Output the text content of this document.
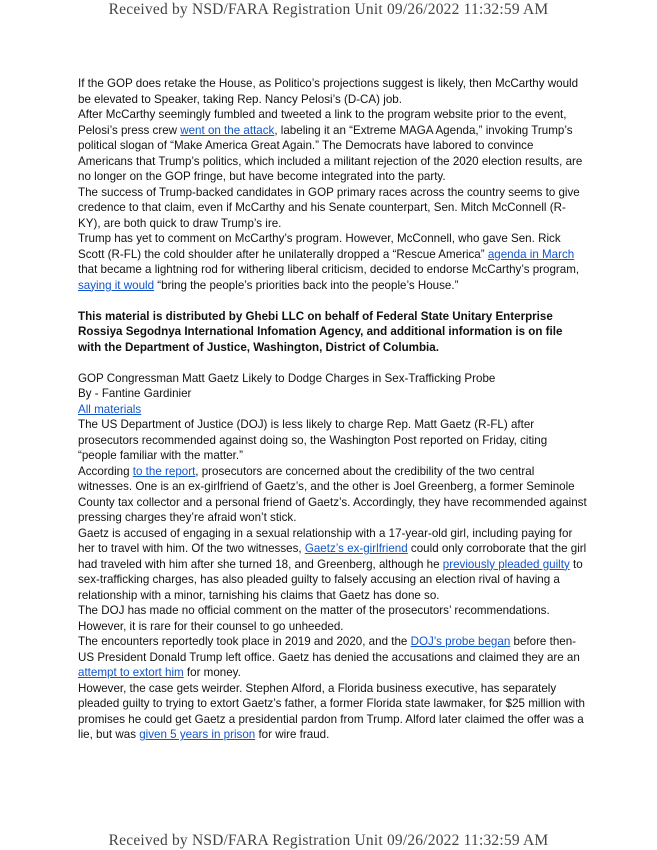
Received by NSD/FARA Registration Unit 09/26/2022 11:32:59 AM

If the GOP does retake the House, as Politico’s projections suggest is likely, then McCarthy would be elevated to Speaker, taking Rep. Nancy Pelosi’s (D-CA) job.

After McCarthy seemingly fumbled and tweeted a link to the program website prior to the event, Pelosi’s press crew went on the attack, labeling it an “Extreme MAGA Agenda,” invoking Trump’s political slogan of “Make America Great Again.” The Democrats have labored to convince Americans that Trump’s politics, which included a militant rejection of the 2020 election results, are no longer on the GOP fringe, but have become integrated into the party.

The success of Trump-backed candidates in GOP primary races across the country seems to give credence to that claim, even if McCarthy and his Senate counterpart, Sen. Mitch McConnell (R-KY), are both quick to draw Trump’s ire.

Trump has yet to comment on McCarthy’s program. However, McConnell, who gave Sen. Rick Scott (R-FL) the cold shoulder after he unilaterally dropped a “Rescue America” agenda in March that became a lightning rod for withering liberal criticism, decided to endorse McCarthy’s program, saying it would “bring the people’s priorities back into the people’s House.”

This material is distributed by Ghebi LLC on behalf of Federal State Unitary Enterprise Rossiya Segodnya International Infomation Agency, and additional information is on file with the Department of Justice, Washington, District of Columbia.

GOP Congressman Matt Gaetz Likely to Dodge Charges in Sex-Trafficking Probe

By - Fantine Gardinier

All materials

The US Department of Justice (DOJ) is less likely to charge Rep. Matt Gaetz (R-FL) after prosecutors recommended against doing so, the Washington Post reported on Friday, citing “people familiar with the matter.”

According to the report, prosecutors are concerned about the credibility of the two central witnesses. One is an ex-girlfriend of Gaetz’s, and the other is Joel Greenberg, a former Seminole County tax collector and a personal friend of Gaetz’s. Accordingly, they have recommended against pressing charges they’re afraid won’t stick.

Gaetz is accused of engaging in a sexual relationship with a 17-year-old girl, including paying for her to travel with him. Of the two witnesses, Gaetz’s ex-girlfriend could only corroborate that the girl had traveled with him after she turned 18, and Greenberg, although he previously pleaded guilty to sex-trafficking charges, has also pleaded guilty to falsely accusing an election rival of having a relationship with a minor, tarnishing his claims that Gaetz has done so.

The DOJ has made no official comment on the matter of the prosecutors’ recommendations. However, it is rare for their counsel to go unheeded.

The encounters reportedly took place in 2019 and 2020, and the DOJ’s probe began before then-US President Donald Trump left office. Gaetz has denied the accusations and claimed they are an attempt to extort him for money.

However, the case gets weirder. Stephen Alford, a Florida business executive, has separately pleaded guilty to trying to extort Gaetz’s father, a former Florida state lawmaker, for $25 million with promises he could get Gaetz a presidential pardon from Trump. Alford later claimed the offer was a lie, but was given 5 years in prison for wire fraud.

Received by NSD/FARA Registration Unit 09/26/2022 11:32:59 AM
